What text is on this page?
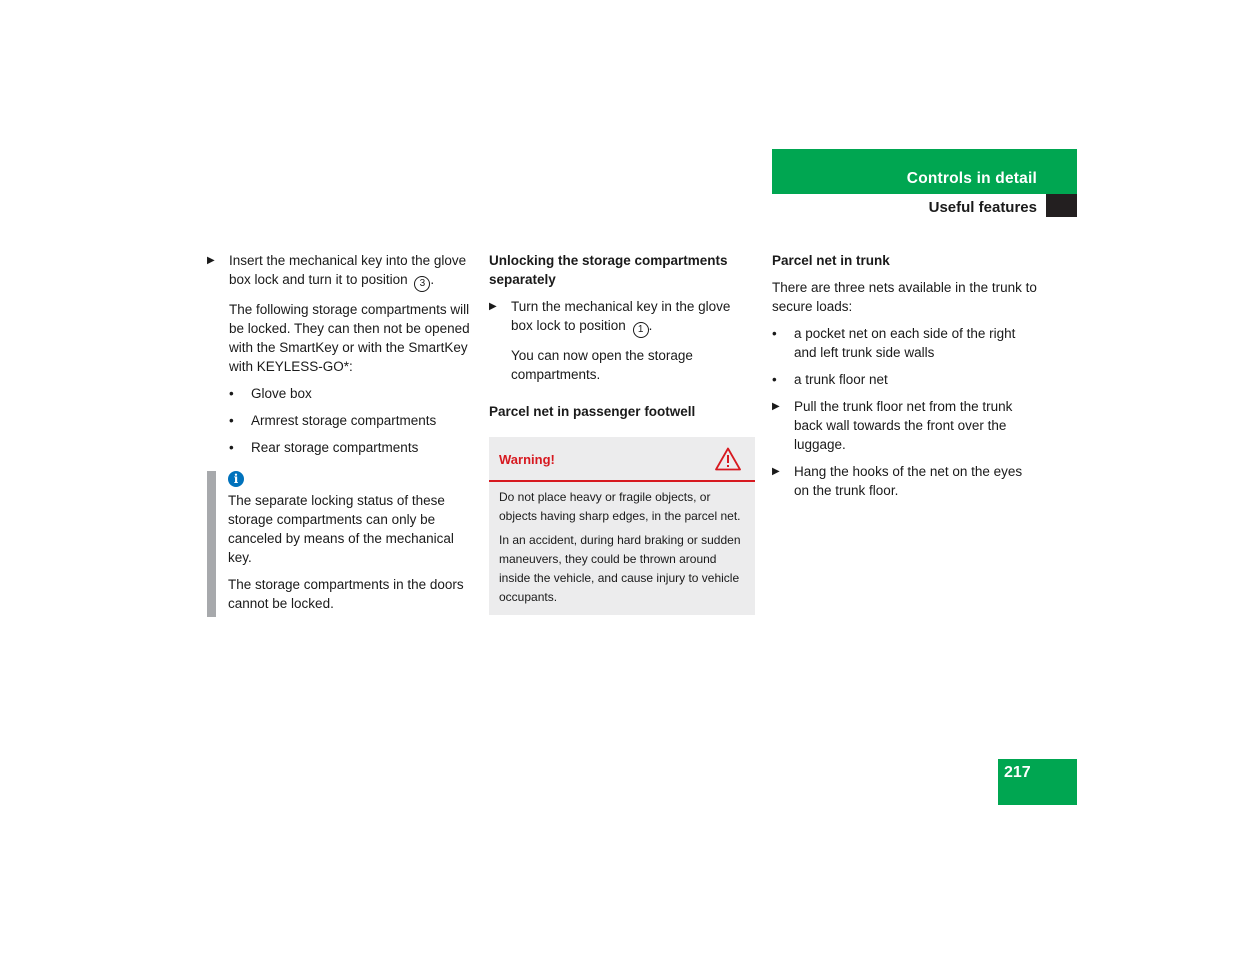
Controls in detail
Useful features
▶ Insert the mechanical key into the glove box lock and turn it to position 3 .

The following storage compartments will be locked. They can then not be opened with the SmartKey or with the SmartKey with KEYLESS-GO*:

• Glove box
• Armrest storage compartments
• Rear storage compartments
i

The separate locking status of these storage compartments can only be canceled by means of the mechanical key.

The storage compartments in the doors cannot be locked.

Unlocking the storage compartments separately
▶ Turn the mechanical key in the glove box lock to position 1 .

You can now open the storage compartments.

Parcel net in passenger footwell
Warning!

Do not place heavy or fragile objects, or objects having sharp edges, in the parcel net.

In an accident, during hard braking or sudden maneuvers, they could be thrown around inside the vehicle, and cause injury to vehicle occupants.

Parcel net in trunk

There are three nets available in the trunk to secure loads:

• a pocket net on each side of the right and left trunk side walls
• a trunk floor net
▶ Pull the trunk floor net from the trunk back wall towards the front over the luggage.
▶ Hang the hooks of the net on the eyes on the trunk floor.
217
